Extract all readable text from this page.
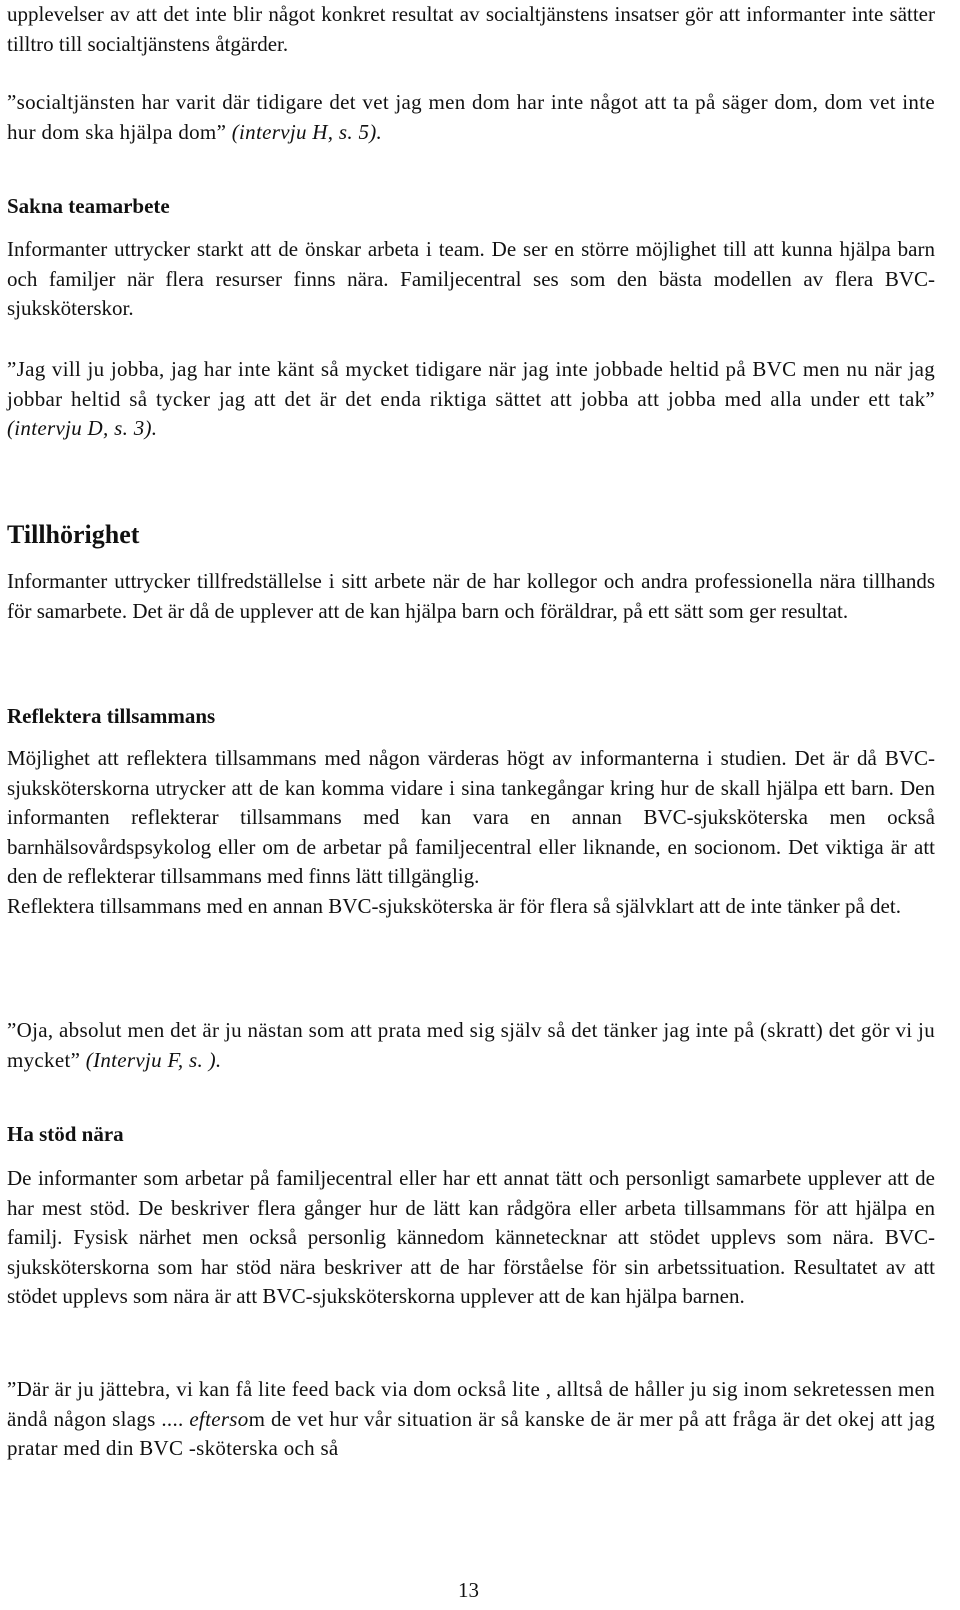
upplevelser av att det inte blir något konkret resultat av socialtjänstens insatser gör att informanter inte sätter tilltro till socialtjänstens åtgärder.

”socialtjänsten har varit där tidigare det vet jag men dom har inte något att ta på säger dom, dom vet inte hur dom ska hjälpa dom” (intervju H, s. 5).

Sakna teamarbete

Informanter uttrycker starkt att de önskar arbeta i team. De ser en större möjlighet till att kunna hjälpa barn och familjer när flera resurser finns nära. Familjecentral ses som den bästa modellen av flera BVC-sjuksköterskor.

”Jag vill ju jobba, jag har inte känt så mycket tidigare när jag inte jobbade heltid på BVC men nu när jag jobbar heltid så tycker jag att det är det enda riktiga sättet att jobba att jobba med alla under ett tak” (intervju D, s. 3).

Tillhörighet

Informanter uttrycker tillfredställelse i sitt arbete när de har kollegor och andra professionella nära tillhands för samarbete. Det är då de upplever att de kan hjälpa barn och föräldrar, på ett sätt som ger resultat.

Reflektera tillsammans

Möjlighet att reflektera tillsammans med någon värderas högt av informanterna i studien. Det är då BVC-sjuksköterskorna utrycker att de kan komma vidare i sina tankegångar kring hur de skall hjälpa ett barn. Den informanten reflekterar tillsammans med kan vara en annan BVC-sjuksköterska men också barnhälsovårdspsykolog eller om de arbetar på familjecentral eller liknande, en socionom. Det viktiga är att den de reflekterar tillsammans med finns lätt tillgänglig.

Reflektera tillsammans med en annan BVC-sjuksköterska är för flera så självklart att de inte tänker på det.

”Oja, absolut men det är ju nästan som att prata med sig själv så det tänker jag inte på (skratt) det gör vi ju mycket” (Intervju F, s. ).

Ha stöd nära

De informanter som arbetar på familjecentral eller har ett annat tätt och personligt samarbete upplever att de har mest stöd. De beskriver flera gånger hur de lätt kan rådgöra eller arbeta tillsammans för att hjälpa en familj. Fysisk närhet men också personlig kännedom kännetecknar att stödet upplevs som nära. BVC-sjuksköterskorna som har stöd nära beskriver att de har förståelse för sin arbetssituation. Resultatet av att stödet upplevs som nära är att BVC-sjuksköterskorna upplever att de kan hjälpa barnen.

”Där är ju jättebra, vi kan få lite feed back via dom också lite , alltså de håller ju sig inom sekretessen men ändå någon slags .... eftersom de vet hur vår situation är så kanske de är mer på att fråga är det okej att jag pratar med din BVC -sköterska och så

13
